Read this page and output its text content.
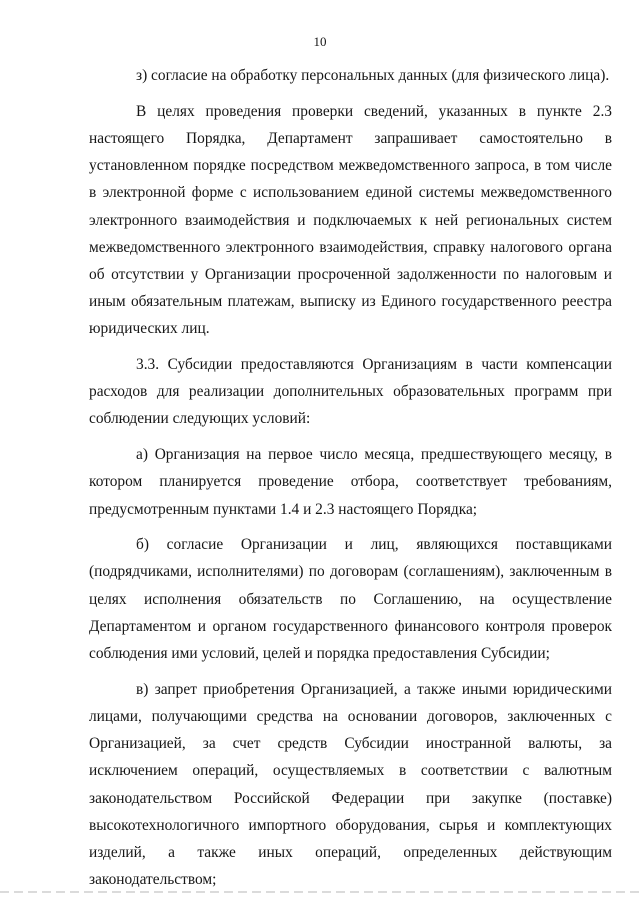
10

з) согласие на обработку персональных данных (для физического лица).

В целях проведения проверки сведений, указанных в пункте 2.3 настоящего Порядка, Департамент запрашивает самостоятельно в установленном порядке посредством межведомственного запроса, в том числе в электронной форме с использованием единой системы межведомственного электронного взаимодействия и подключаемых к ней региональных систем межведомственного электронного взаимодействия, справку налогового органа об отсутствии у Организации просроченной задолженности по налоговым и иным обязательным платежам, выписку из Единого государственного реестра юридических лиц.

3.3. Субсидии предоставляются Организациям в части компенсации расходов для реализации дополнительных образовательных программ при соблюдении следующих условий:

а) Организация на первое число месяца, предшествующего месяцу, в котором планируется проведение отбора, соответствует требованиям, предусмотренным пунктами 1.4 и 2.3 настоящего Порядка;

б) согласие Организации и лиц, являющихся поставщиками (подрядчиками, исполнителями) по договорам (соглашениям), заключенным в целях исполнения обязательств по Соглашению, на осуществление Департаментом и органом государственного финансового контроля проверок соблюдения ими условий, целей и порядка предоставления Субсидии;

в) запрет приобретения Организацией, а также иными юридическими лицами, получающими средства на основании договоров, заключенных с Организацией, за счет средств Субсидии иностранной валюты, за исключением операций, осуществляемых в соответствии с валютным законодательством Российской Федерации при закупке (поставке) высокотехнологичного импортного оборудования, сырья и комплектующих изделий, а также иных операций, определенных действующим законодательством;
